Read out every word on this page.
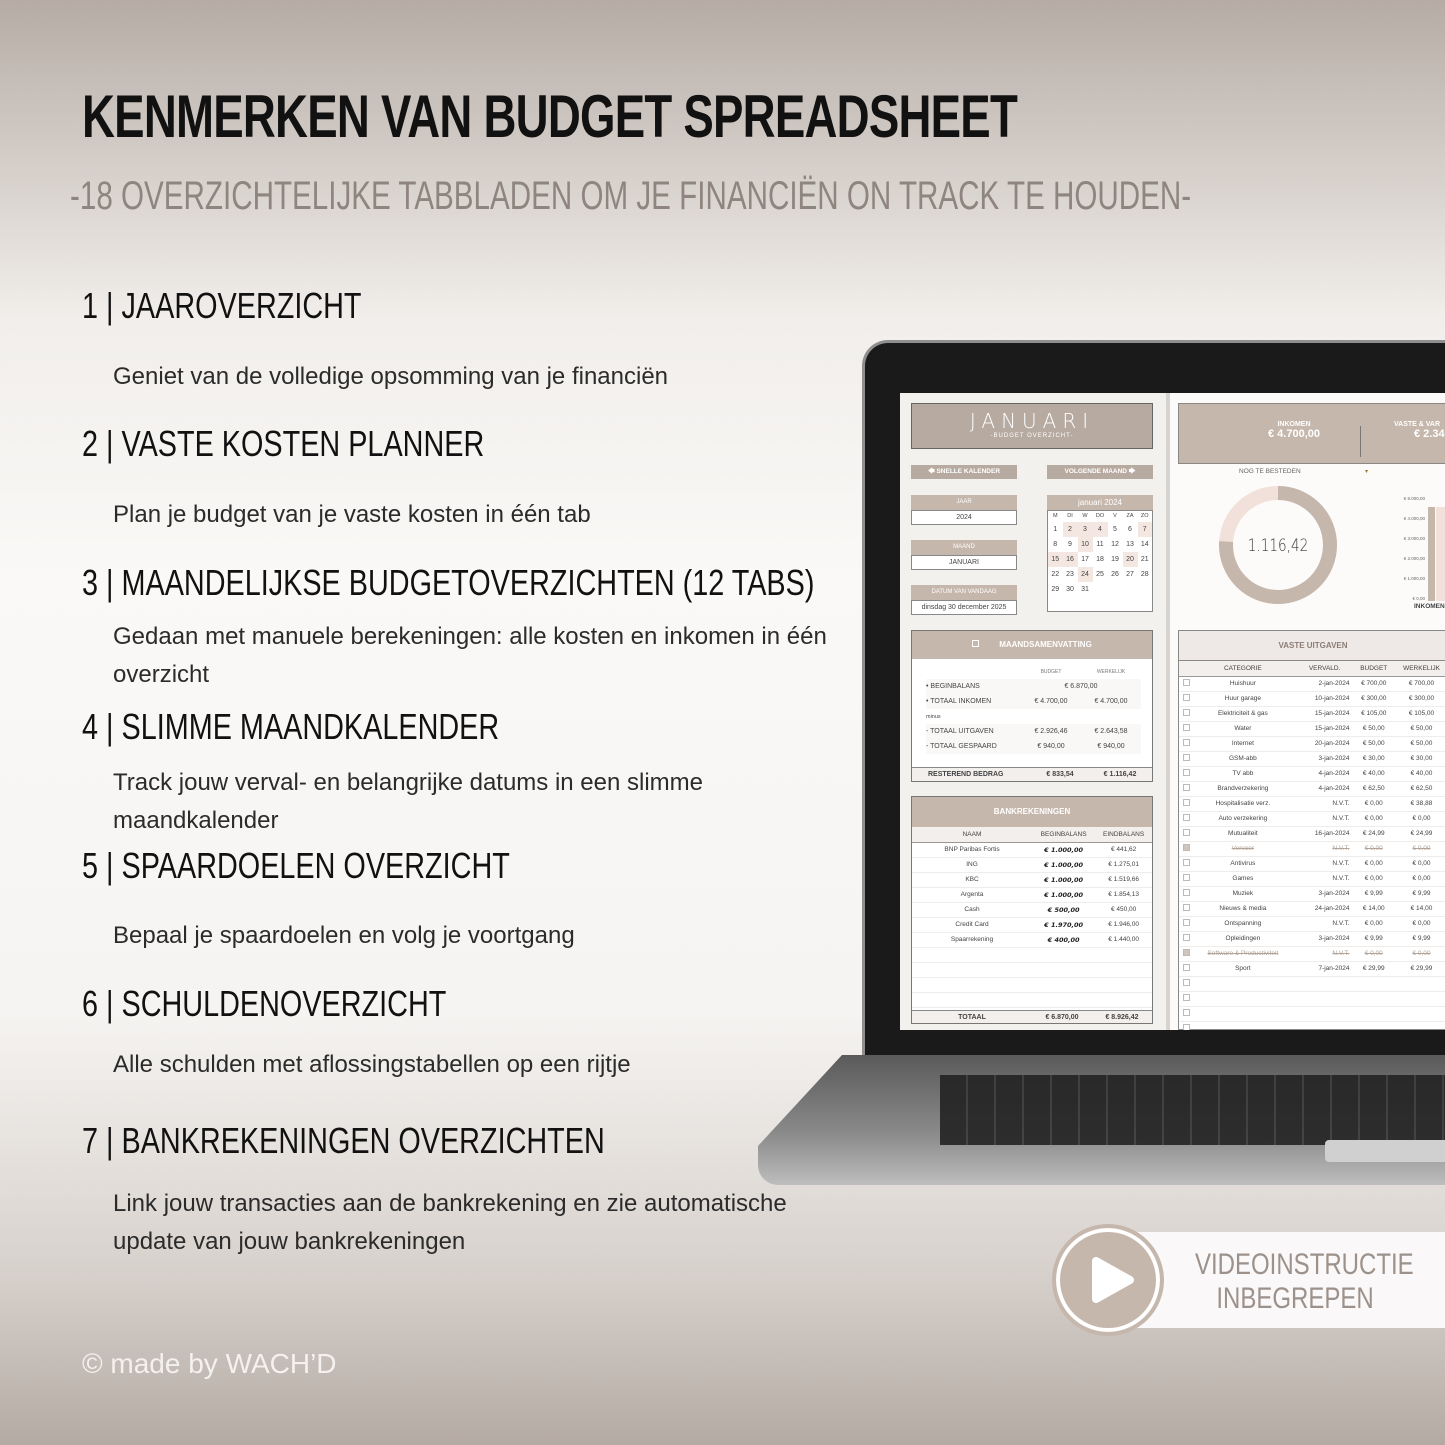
KENMERKEN VAN BUDGET SPREADSHEET
-18 OVERZICHTELIJKE TABBLADEN OM JE FINANCIËN ON TRACK TE HOUDEN-
1 | JAAROVERZICHT
Geniet van de volledige opsomming van je financiën
2 | VASTE KOSTEN PLANNER
Plan je budget van je vaste kosten in één tab
3 | MAANDELIJKSE BUDGETOVERZICHTEN (12 TABS)
Gedaan met manuele berekeningen: alle kosten en inkomen in één overzicht
4 | SLIMME MAANDKALENDER
Track jouw verval- en belangrijke datums in een slimme maandkalender
5 | SPAARDOELEN OVERZICHT
Bepaal je spaardoelen en volg je voortgang
6 | SCHULDENOVERZICHT
Alle schulden met aflossingstabellen op een rijtje
7 | BANKREKENINGEN OVERZICHTEN
Link jouw transacties aan de bankrekening en zie automatische update van jouw bankrekeningen
JANUARI
-BUDGET OVERZICHT-
🡄 SNELLE KALENDER	VOLGENDE MAAND 🡆
JAAR
2024
MAAND
JANUARI
DATUM VAN VANDAAG
dinsdag 30 december 2025
januari 2024
M	DI	W	DO	V	ZA	ZO
1	2	3	4	5	6	7
8	9	10	11	12	13	14
15	16	17	18	19	20	21
22	23	24	25	26	27	28
29	30	31				

MAANDSAMENVATTING
	BUDGET	WERKELIJK
• BEGINBALANS	€ 6.870,00	
• TOTAAL INKOMEN	€ 4.700,00	€ 4.700,00
minus		
- TOTAAL UITGAVEN	€ 2.926,46	€ 2.643,58
- TOTAAL GESPAARD	€ 940,00	€ 940,00
RESTEREND BEDRAG	€ 833,54	€ 1.116,42
BANKREKENINGEN
NAAM	BEGINBALANS	EINDBALANS
BNP Paribas Fortis	€ 1.000,00	€ 441,62
ING	€ 1.000,00	€ 1.275,01
KBC	€ 1.000,00	€ 1.519,66
Argenta	€ 1.000,00	€ 1.854,13
Cash	€ 500,00	€ 450,00
Credit Card	€ 1.970,00	€ 1.946,00
Spaarrekening	€ 400,00	€ 1.440,00

TOTAAL	€ 6.870,00	€ 8.926,42
INKOMEN
€ 4.700,00
VASTE & VAR
€ 2.34
NOG TE BESTEDEN	▾
1.116,42
€ 5.000,00
€ 4.000,00
€ 3.000,00
€ 2.000,00
€ 1.000,00
€ 0,00
INKOMEN
VASTE UITGAVEN
	CATEGORIE	VERVALD.	BUDGET	WERKELIJK
	Huishuur	2-jan-2024	€ 700,00	€ 700,00
	Huur garage	10-jan-2024	€ 300,00	€ 300,00
	Elektriciteit & gas	15-jan-2024	€ 105,00	€ 105,00
	Water	15-jan-2024	€ 50,00	€ 50,00
	Internet	20-jan-2024	€ 50,00	€ 50,00
	GSM-abb	3-jan-2024	€ 30,00	€ 30,00
	TV abb	4-jan-2024	€ 40,00	€ 40,00
	Brandverzekering	4-jan-2024	€ 62,50	€ 62,50
	Hospitalisatie verz.	N.V.T.	€ 0,00	€ 38,88
	Auto verzekering	N.V.T.	€ 0,00	€ 0,00
	Mutualiteit	16-jan-2024	€ 24,99	€ 24,99
	Vervoer	N.V.T.	€ 0,00	€ 0,00
	Antivirus	N.V.T.	€ 0,00	€ 0,00
	Games	N.V.T.	€ 0,00	€ 0,00
	Muziek	3-jan-2024	€ 9,99	€ 9,99
	Nieuws & media	24-jan-2024	€ 14,00	€ 14,00
	Ontspanning	N.V.T.	€ 0,00	€ 0,00
	Opleidingen	3-jan-2024	€ 9,99	€ 9,99
	Software & Productiviteit	N.V.T.	€ 0,00	€ 0,00
	Sport	7-jan-2024	€ 29,99	€ 29,99

VIDEOINSTRUCTIE
INBEGREPEN
© made by WACH’D
